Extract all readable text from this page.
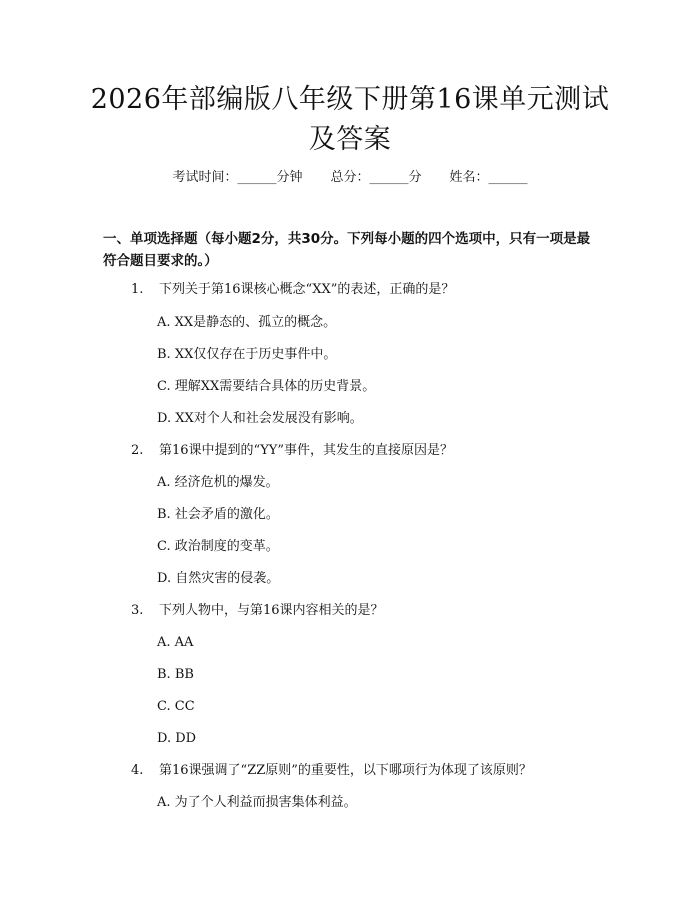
2026年部编版八年级下册第16课单元测试及答案
考试时间：______分钟 总分：______分 姓名：______
一、单项选择题（每小题2分，共30分。下列每小题的四个选项中，只有一项是最符合题目要求的。）
1. 下列关于第16课核心概念“XX”的表述，正确的是？
A. XX是静态的、孤立的概念。
B. XX仅仅存在于历史事件中。
C. 理解XX需要结合具体的历史背景。
D. XX对个人和社会发展没有影响。
2. 第16课中提到的“YY”事件，其发生的直接原因是？
A. 经济危机的爆发。
B. 社会矛盾的激化。
C. 政治制度的变革。
D. 自然灾害的侵袭。
3. 下列人物中，与第16课内容相关的是？
A. AA
B. BB
C. CC
D. DD
4. 第16课强调了“ZZ原则”的重要性，以下哪项行为体现了该原则？
A. 为了个人利益而损害集体利益。
